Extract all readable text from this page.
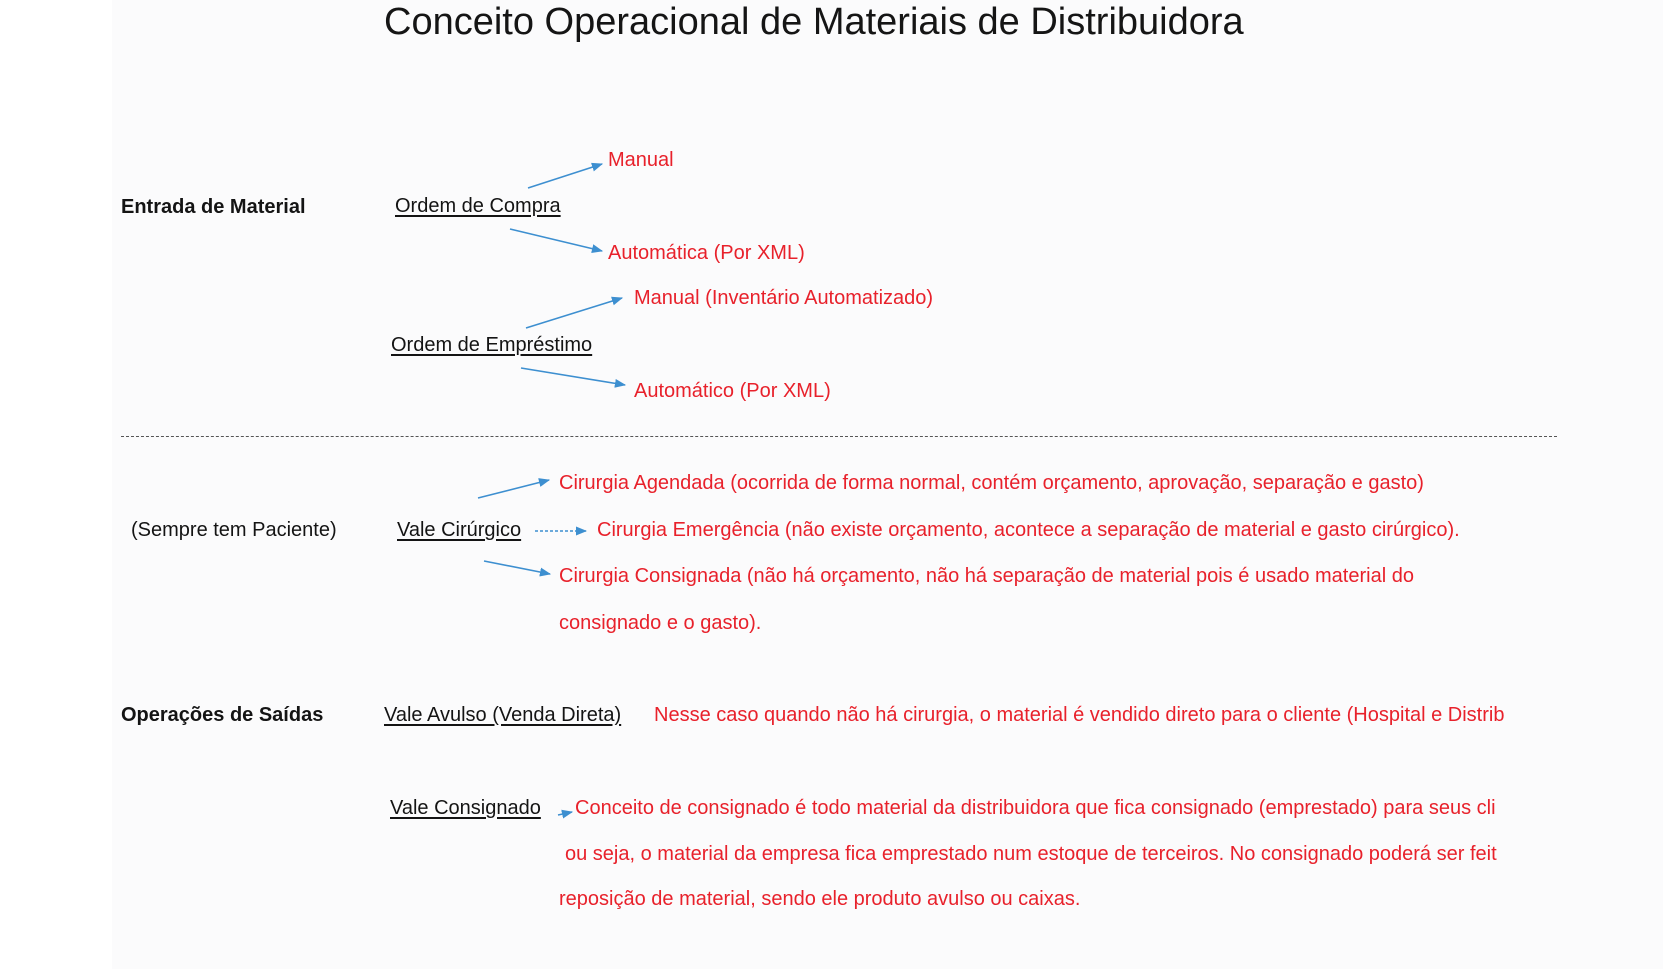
Conceito Operacional de Materiais de Distribuidora
Entrada de Material	Ordem de Compra
Manual
Automática (Por XML)
Ordem de Empréstimo
Manual (Inventário Automatizado)
Automático (Por XML)
(Sempre tem Paciente)	Vale Cirúrgico
Cirurgia Agendada (ocorrida de forma normal, contém orçamento, aprovação, separação e gasto)
Cirurgia Emergência (não existe orçamento, acontece a separação de material e gasto cirúrgico).
Cirurgia Consignada (não há orçamento, não há separação de material pois é usado material do
consignado e o gasto).
Operações de Saídas	Vale Avulso (Venda Direta) Nesse caso quando não há cirurgia, o material é vendido direto para o cliente (Hospital e Distrib
Vale Consignado Conceito de consignado é todo material da distribuidora que fica consignado (emprestado) para seus cli
ou seja, o material da empresa fica emprestado num estoque de terceiros. No consignado poderá ser feit
reposição de material, sendo ele produto avulso ou caixas.
